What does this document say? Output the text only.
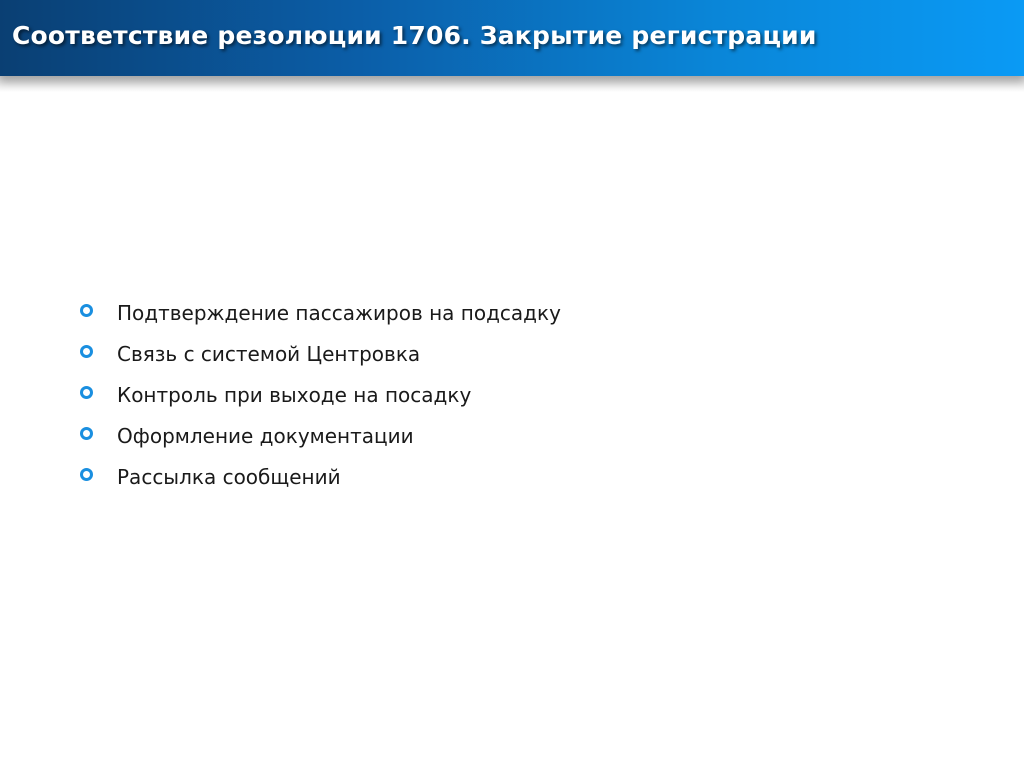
Соответствие резолюции 1706. Закрытие регистрации
Подтверждение пассажиров на подсадку
Связь с системой Центровка
Контроль при выходе на посадку
Оформление документации
Рассылка сообщений
